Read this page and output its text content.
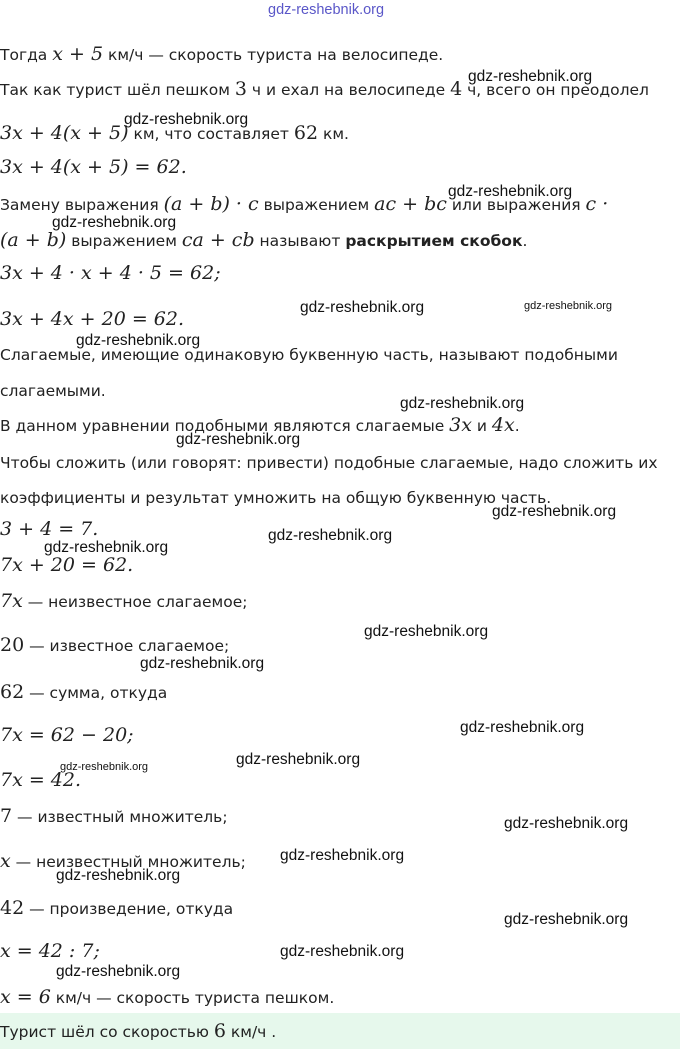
gdz-reshebnik.org
gdz-reshebnik.org
gdz-reshebnik.org
gdz-reshebnik.org
gdz-reshebnik.org
gdz-reshebnik.org	gdz-reshebnik.org
gdz-reshebnik.org
gdz-reshebnik.org
gdz-reshebnik.org
gdz-reshebnik.org
gdz-reshebnik.org
gdz-reshebnik.org
gdz-reshebnik.org
gdz-reshebnik.org
gdz-reshebnik.org
gdz-reshebnik.org
gdz-reshebnik.org
gdz-reshebnik.org
gdz-reshebnik.org
gdz-reshebnik.org
gdz-reshebnik.org
gdz-reshebnik.org
gdz-reshebnik.org
Тогда x + 5 км/ч — скорость туриста на велосипеде.
Так как турист шёл пешком 3 ч и ехал на велосипеде 4 ч, всего он преодолел
3x + 4(x + 5) км, что составляет 62 км.
3x + 4(x + 5) = 62.
Замену выражения (a + b) · c выражением ac + bc или выражения c ·
(a + b) выражением ca + cb называют раскрытием скобок.
3x + 4 · x + 4 · 5 = 62;
3x + 4x + 20 = 62.
Слагаемые, имеющие одинаковую буквенную часть, называют подобными
слагаемыми.
В данном уравнении подобными являются слагаемые 3x и 4x.
Чтобы сложить (или говорят: привести) подобные слагаемые, надо сложить их
коэффициенты и результат умножить на общую буквенную часть.
3 + 4 = 7.
7x + 20 = 62.
7x — неизвестное слагаемое;
20 — известное слагаемое;
62 — сумма, откуда
7x = 62 − 20;
7x = 42.
7 — известный множитель;
x — неизвестный множитель;
42 — произведение, откуда
x = 42 : 7;
x = 6 км/ч — скорость туриста пешком.
Турист шёл со скоростью 6 км/ч .
